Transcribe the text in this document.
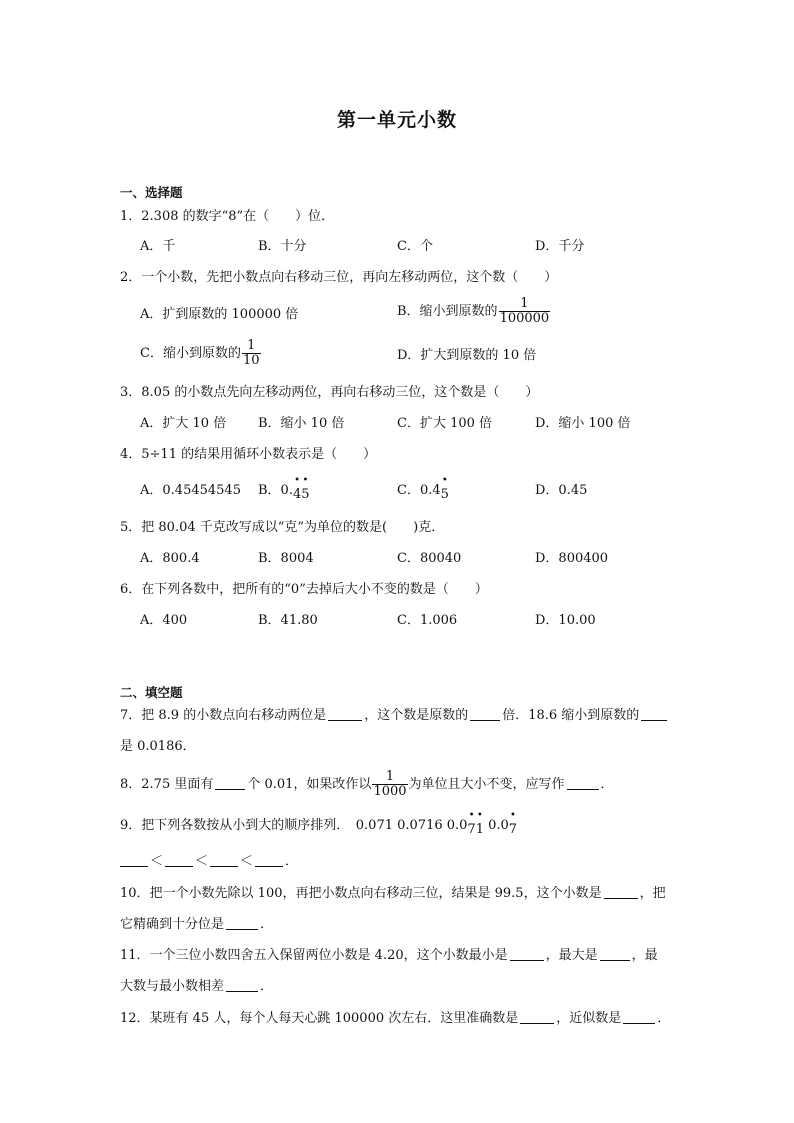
第一单元小数
一、选择题
1．2.308 的数字“8”在（　　）位．
A．千	B．十分	C．个	D．千分
2．一个小数，先把小数点向右移动三位，再向左移动两位，这个数（　　）
A．扩到原数的 100000 倍	B．缩小到原数的 $\frac{1}{100000}$
C．缩小到原数的 $\frac{1}{10}$	D．扩大到原数的 10 倍
3．8.05 的小数点先向左移动两位，再向右移动三位，这个数是（　　）
A．扩大 10 倍 B．缩小 10 倍	C．扩大 100 倍	D．缩小 100 倍
4．5÷11 的结果用循环小数表示是（　　）
A．0.45454545 B．0.
•
4
•
5	C．0.4
•
5	D．0.45
5．把 80.04 千克改写成以“克”为单位的数是(　　)克．
A．800.4	B．8004	C．80040	D．800400
6．在下列各数中，把所有的“0”去掉后大小不变的数是（　　）
A．400	B．41.80	C．1.006	D．10.00
二、填空题
7．把 8.9 的小数点向右移动两位是	，这个数是原数的	倍．18.6 缩小到原数的
是 0.0186．
8．2.75 里面有	个 0.01，如果改作以 $\frac{1}{1000}$ 为单位且大小不变，应写作	．
9．把下列各数按从小到大的顺序排列．　0.071 0.0716 0.0
•
7
•
1 0.0
•
7
＜ ＜ ＜ ．
10．把一个小数先除以 100，再把小数点向右移动三位，结果是 99.5，这个小数是	，把
它精确到十分位是	．
11．一个三位小数四舍五入保留两位小数是 4.20，这个小数最小是	，最大是	，最
大数与最小数相差	．
12．某班有 45 人，每个人每天心跳 100000 次左右．这里准确数是	，近似数是	．
